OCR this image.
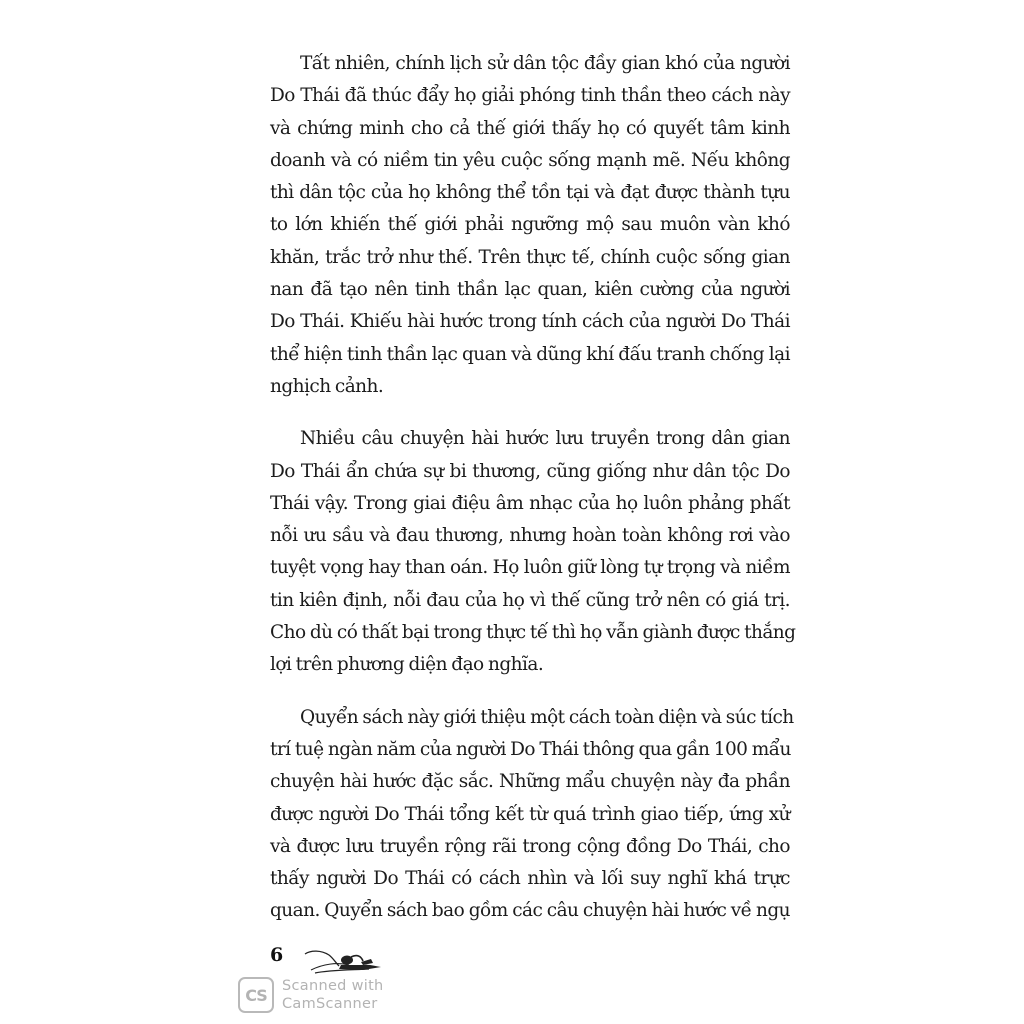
Tất nhiên, chính lịch sử dân tộc đầy gian khó của người
Do Thái đã thúc đẩy họ giải phóng tinh thần theo cách này
và chứng minh cho cả thế giới thấy họ có quyết tâm kinh
doanh và có niềm tin yêu cuộc sống mạnh mẽ. Nếu không
thì dân tộc của họ không thể tồn tại và đạt được thành tựu
to lớn khiến thế giới phải ngưỡng mộ sau muôn vàn khó
khăn, trắc trở như thế. Trên thực tế, chính cuộc sống gian
nan đã tạo nên tinh thần lạc quan, kiên cường của người
Do Thái. Khiếu hài hước trong tính cách của người Do Thái
thể hiện tinh thần lạc quan và dũng khí đấu tranh chống lại
nghịch cảnh.
Nhiều câu chuyện hài hước lưu truyền trong dân gian
Do Thái ẩn chứa sự bi thương, cũng giống như dân tộc Do
Thái vậy. Trong giai điệu âm nhạc của họ luôn phảng phất
nỗi ưu sầu và đau thương, nhưng hoàn toàn không rơi vào
tuyệt vọng hay than oán. Họ luôn giữ lòng tự trọng và niềm
tin kiên định, nỗi đau của họ vì thế cũng trở nên có giá trị.
Cho dù có thất bại trong thực tế thì họ vẫn giành được thắng
lợi trên phương diện đạo nghĩa.
Quyển sách này giới thiệu một cách toàn diện và súc tích
trí tuệ ngàn năm của người Do Thái thông qua gần 100 mẩu
chuyện hài hước đặc sắc. Những mẩu chuyện này đa phần
được người Do Thái tổng kết từ quá trình giao tiếp, ứng xử
và được lưu truyền rộng rãi trong cộng đồng Do Thái, cho
thấy người Do Thái có cách nhìn và lối suy nghĩ khá trực
quan. Quyển sách bao gồm các câu chuyện hài hước về ngụ
6
CS	Scanned with
CamScanner
